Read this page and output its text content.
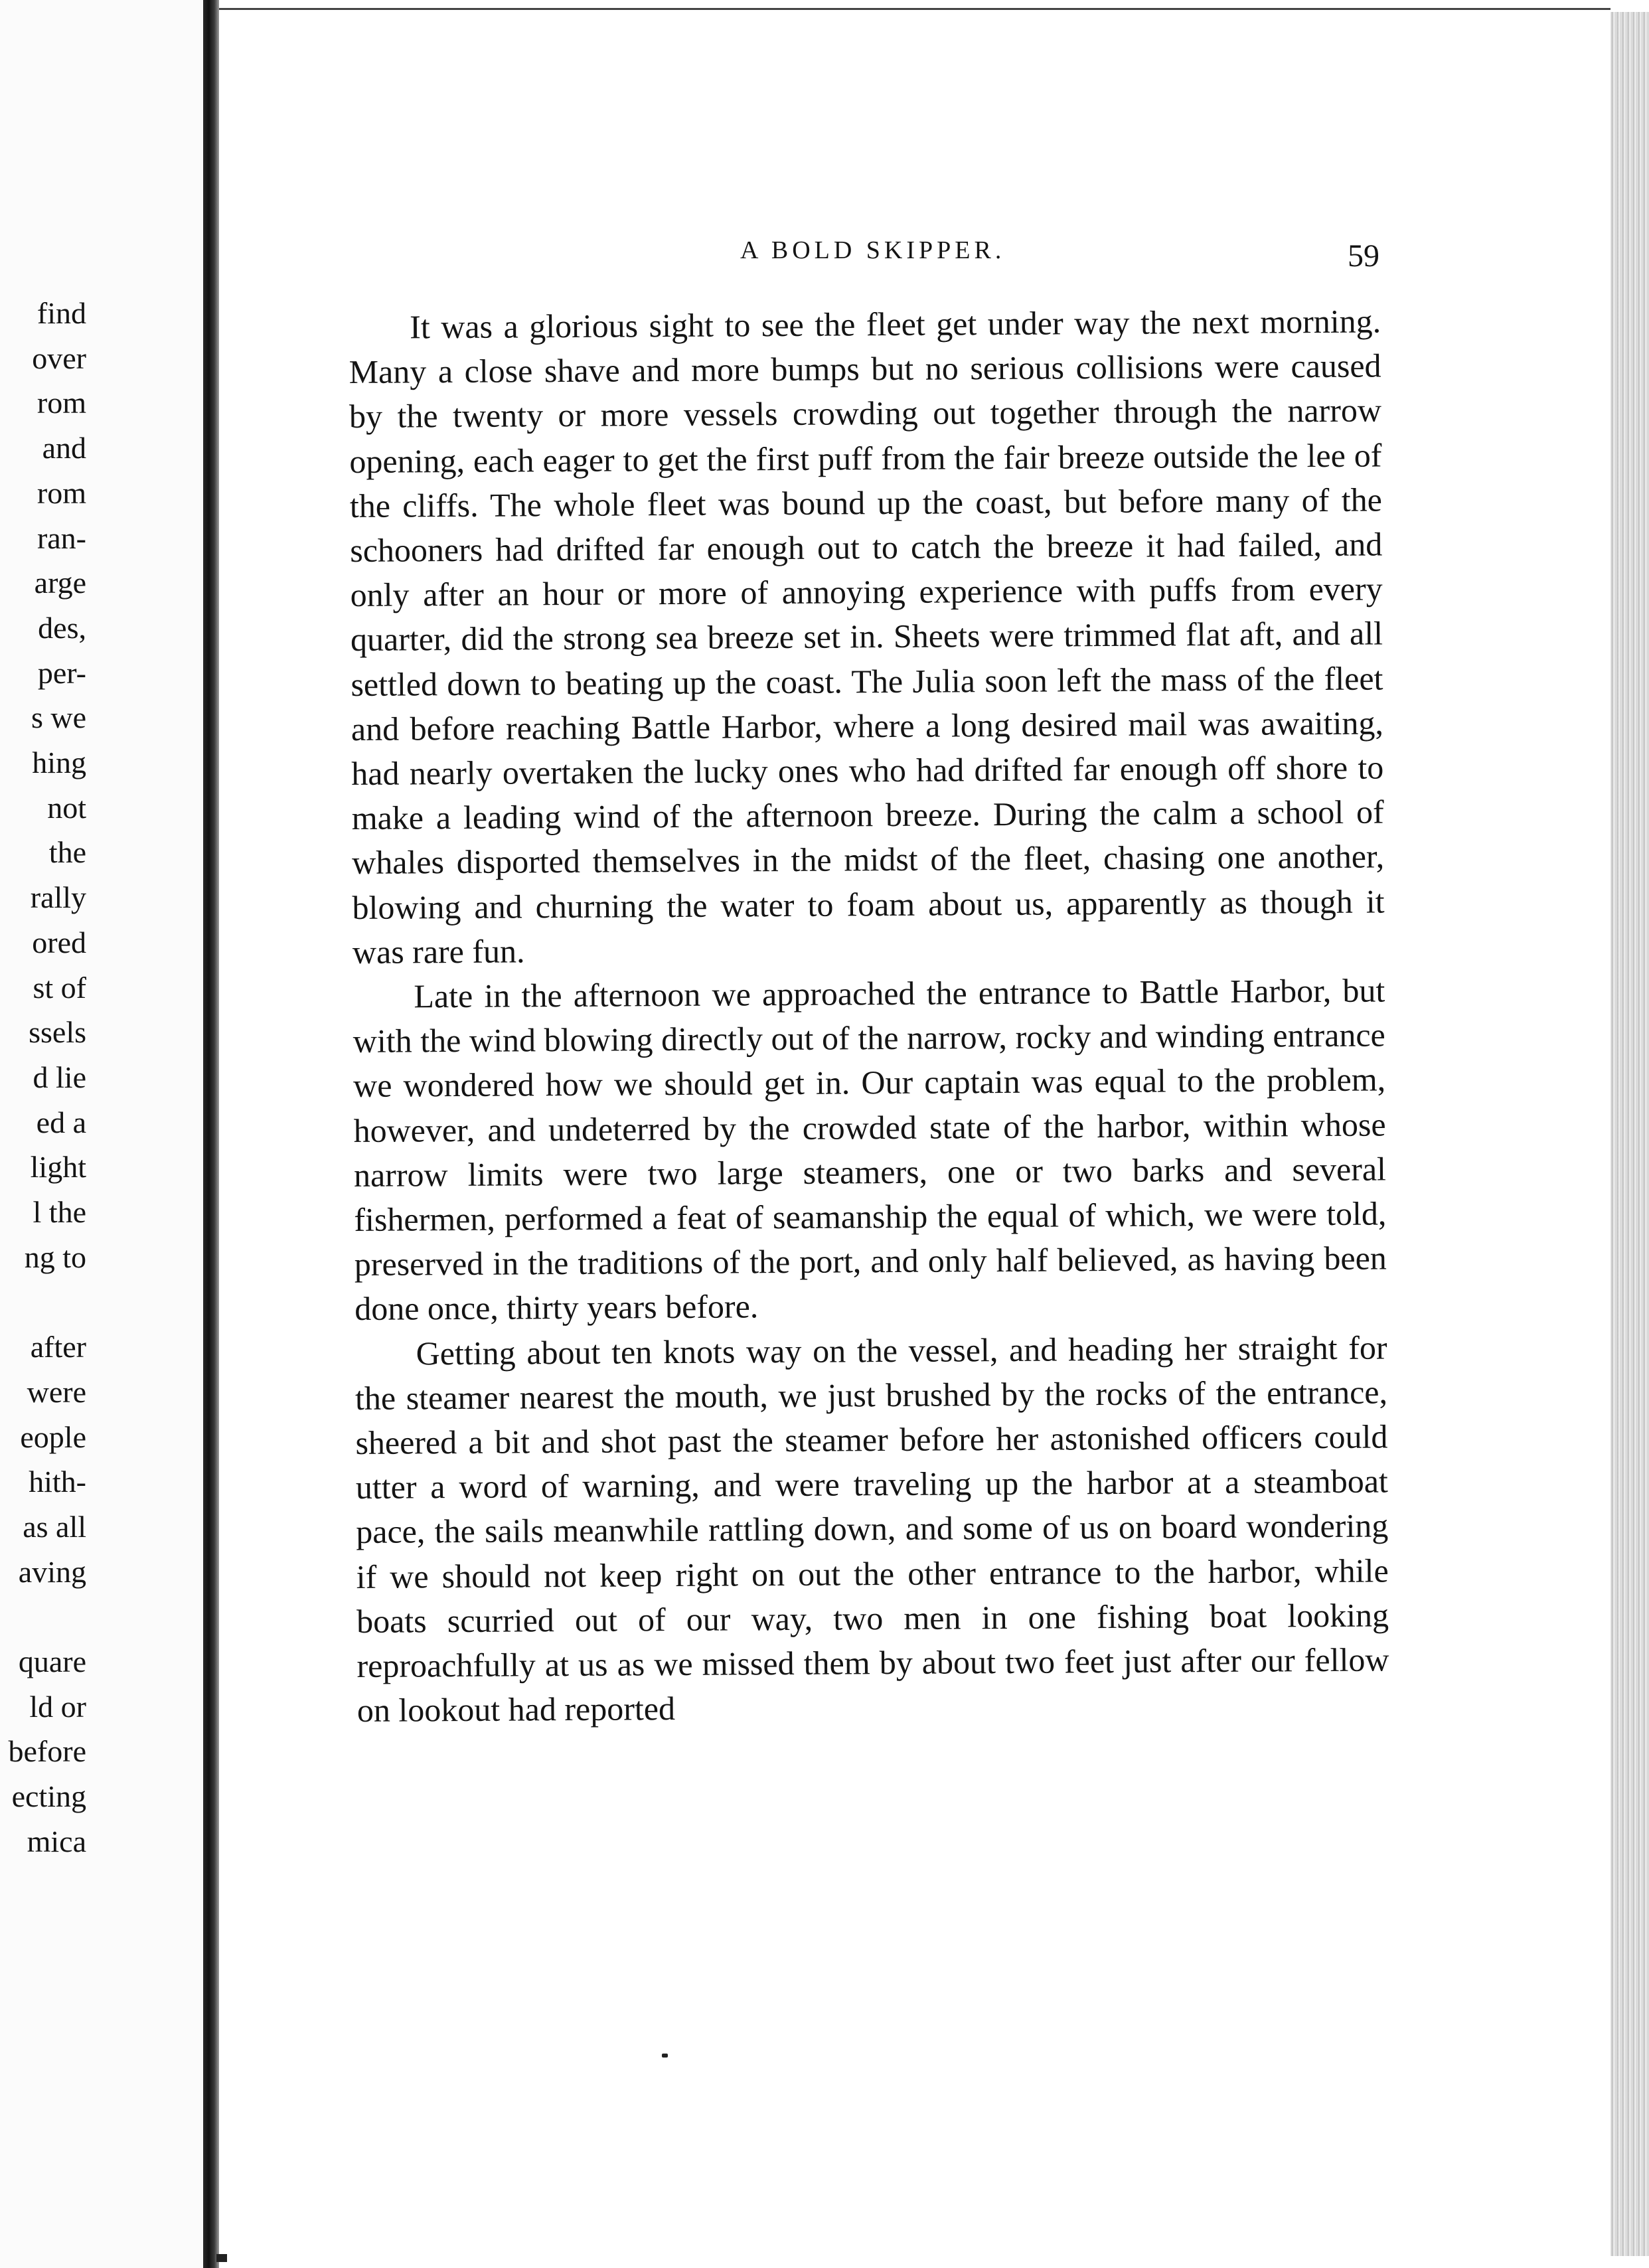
find
over
rom
and
rom
ran-
arge
des,
per-
s we
hing
not
the
rally
ored
st of
ssels
d lie
ed a
light
l the
ng to
after
were
eople
hith-
as all
aving
quare
ld or
before
ecting
mica
A BOLD SKIPPER.	59

It was a glorious sight to see the fleet get under way the next morning. Many a close shave and more bumps but no serious collisions were caused by the twenty or more vessels crowding out together through the narrow opening, each eager to get the first puff from the fair breeze outside the lee of the cliffs. The whole fleet was bound up the coast, but before many of the schooners had drifted far enough out to catch the breeze it had failed, and only after an hour or more of annoying experience with puffs from every quarter, did the strong sea breeze set in. Sheets were trimmed flat aft, and all settled down to beating up the coast. The Julia soon left the mass of the fleet and before reaching Battle Harbor, where a long desired mail was awaiting, had nearly overtaken the lucky ones who had drifted far enough off shore to make a leading wind of the afternoon breeze. During the calm a school of whales disported themselves in the midst of the fleet, chasing one another, blowing and churning the water to foam about us, apparently as though it was rare fun.

Late in the afternoon we approached the entrance to Battle Harbor, but with the wind blowing directly out of the narrow, rocky and winding entrance we wondered how we should get in. Our captain was equal to the problem, however, and undeterred by the crowded state of the harbor, within whose narrow limits were two large steamers, one or two barks and several fishermen, performed a feat of seamanship the equal of which, we were told, preserved in the traditions of the port, and only half believed, as having been done once, thirty years before.

Getting about ten knots way on the vessel, and heading her straight for the steamer nearest the mouth, we just brushed by the rocks of the entrance, sheered a bit and shot past the steamer before her astonished officers could utter a word of warning, and were traveling up the harbor at a steamboat pace, the sails meanwhile rattling down, and some of us on board wondering if we should not keep right on out the other entrance to the harbor, while boats scurried out of our way, two men in one fishing boat looking reproachfully at us as we missed them by about two feet just after our fellow on lookout had reported
